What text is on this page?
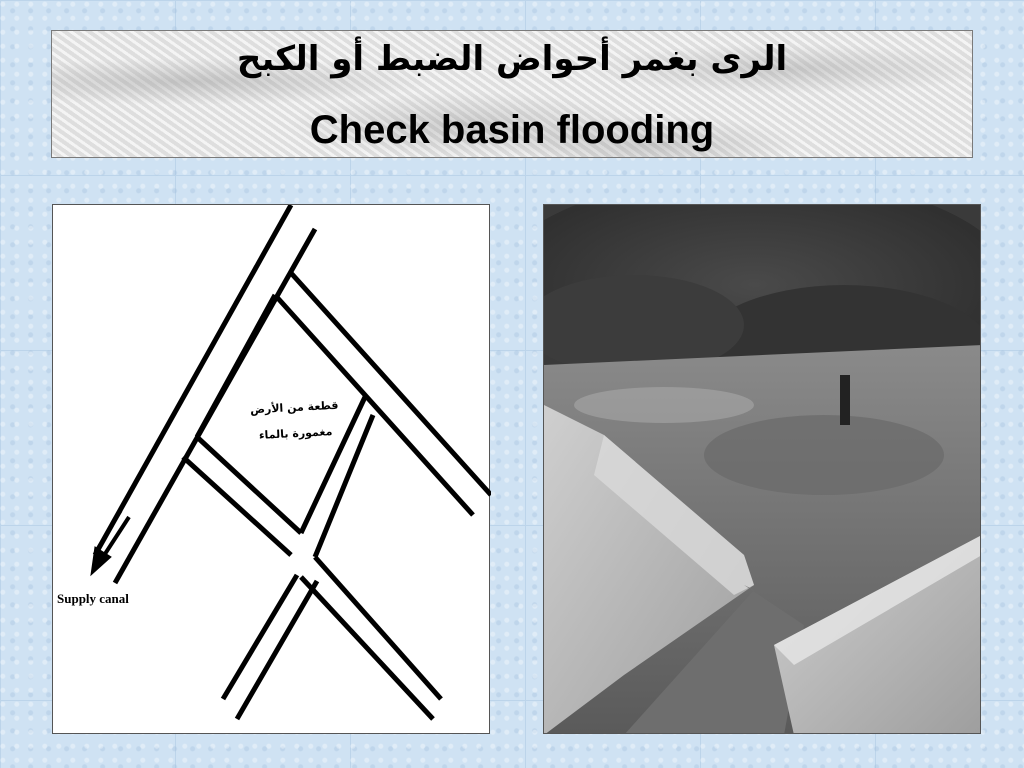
الرى بغمر أحواض الضبط أو الكبح
Check basin flooding
قطعة من الأرض
مغمورة بالماء
Supply canal
